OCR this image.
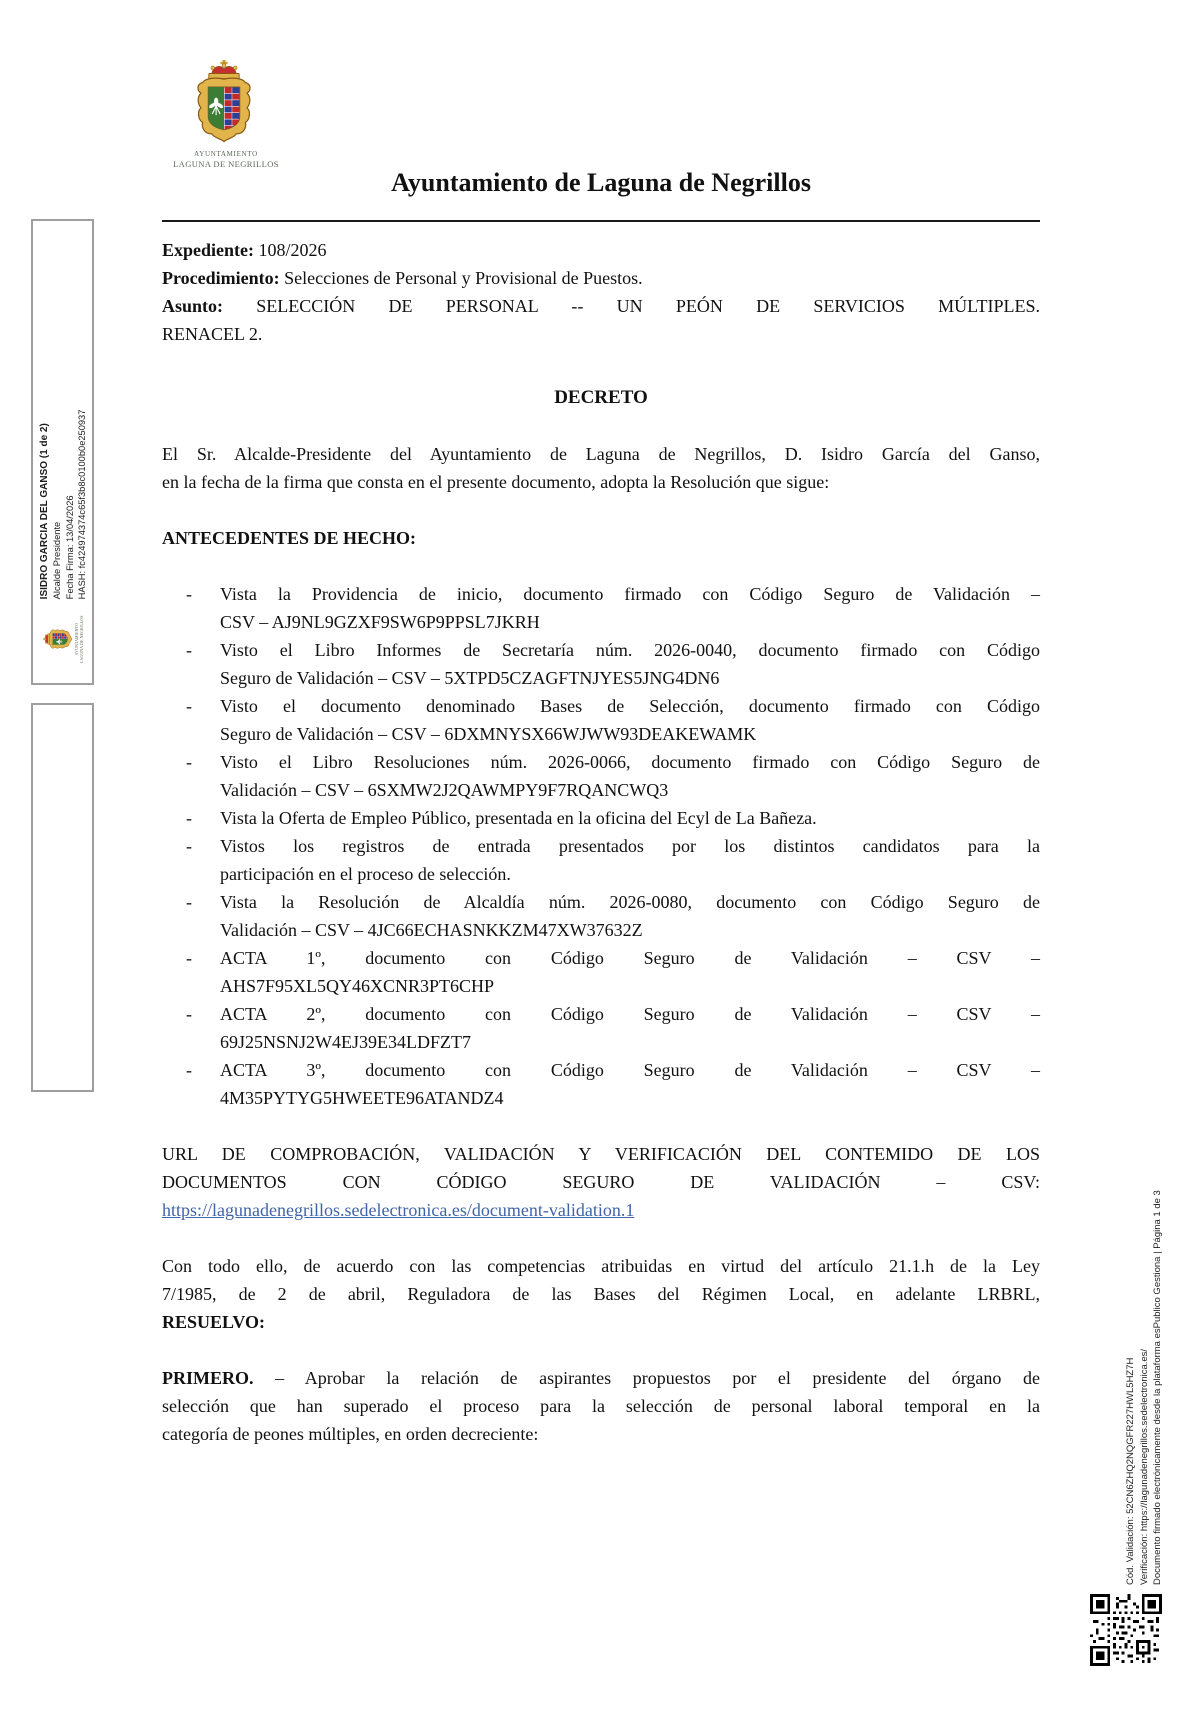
AYUNTAMIENTO LAGUNA DE NEGRILLOS
ISIDRO GARCIA DEL GANSO (1 de 2) Alcalde Presidente Fecha Firma: 13/04/2026 HASH: fc424974374c65f3b8c0100b0e250937
AYUNTAMIENTO
LAGUNA DE NEGRILLOS
Ayuntamiento de Laguna de Negrillos
Expediente: 108/2026
Procedimiento: Selecciones de Personal y Provisional de Puestos.
Asunto: SELECCIÓN DE PERSONAL -- UN PEÓN DE SERVICIOS MÚLTIPLES.
RENACEL 2.
DECRETO
El Sr. Alcalde-Presidente del Ayuntamiento de Laguna de Negrillos, D. Isidro García del Ganso,
en la fecha de la firma que consta en el presente documento, adopta la Resolución que sigue:
ANTECEDENTES DE HECHO:
- Vista la Providencia de inicio, documento firmado con Código Seguro de Validación –
CSV – AJ9NL9GZXF9SW6P9PPSL7JKRH
- Visto el Libro Informes de Secretaría núm. 2026-0040, documento firmado con Código
Seguro de Validación – CSV – 5XTPD5CZAGFTNJYES5JNG4DN6
- Visto el documento denominado Bases de Selección, documento firmado con Código
Seguro de Validación – CSV – 6DXMNYSX66WJWW93DEAKEWAMK
- Visto el Libro Resoluciones núm. 2026-0066, documento firmado con Código Seguro de
Validación – CSV – 6SXMW2J2QAWMPY9F7RQANCWQ3
- Vista la Oferta de Empleo Público, presentada en la oficina del Ecyl de La Bañeza.
- Vistos los registros de entrada presentados por los distintos candidatos para la
participación en el proceso de selección.
- Vista la Resolución de Alcaldía núm. 2026-0080, documento con Código Seguro de
Validación – CSV – 4JC66ECHASNKKZM47XW37632Z
- ACTA 1º, documento con Código Seguro de Validación – CSV –
AHS7F95XL5QY46XCNR3PT6CHP
- ACTA 2º, documento con Código Seguro de Validación – CSV –
69J25NSNJ2W4EJ39E34LDFZT7
- ACTA 3º, documento con Código Seguro de Validación – CSV –
4M35PYTYG5HWEETE96ATANDZ4
URL DE COMPROBACIÓN, VALIDACIÓN Y VERIFICACIÓN DEL CONTEMIDO DE LOS
DOCUMENTOS CON CÓDIGO SEGURO DE VALIDACIÓN – CSV:
https://lagunadenegrillos.sedelectronica.es/document-validation.1
Con todo ello, de acuerdo con las competencias atribuidas en virtud del artículo 21.1.h de la Ley
7/1985, de 2 de abril, Reguladora de las Bases del Régimen Local, en adelante LRBRL,
RESUELVO:
PRIMERO. – Aprobar la relación de aspirantes propuestos por el presidente del órgano de
selección que han superado el proceso para la selección de personal laboral temporal en la
categoría de peones múltiples, en orden decreciente:	Cód. Validación: 52CN6ZHQ2NQGFR227HWL5HZ7H Verificación: https://lagunadenegrillos.sedelectronica.es/ Documento firmado electrónicamente desde la plataforma esPublico Gestiona | Página 1 de 3
